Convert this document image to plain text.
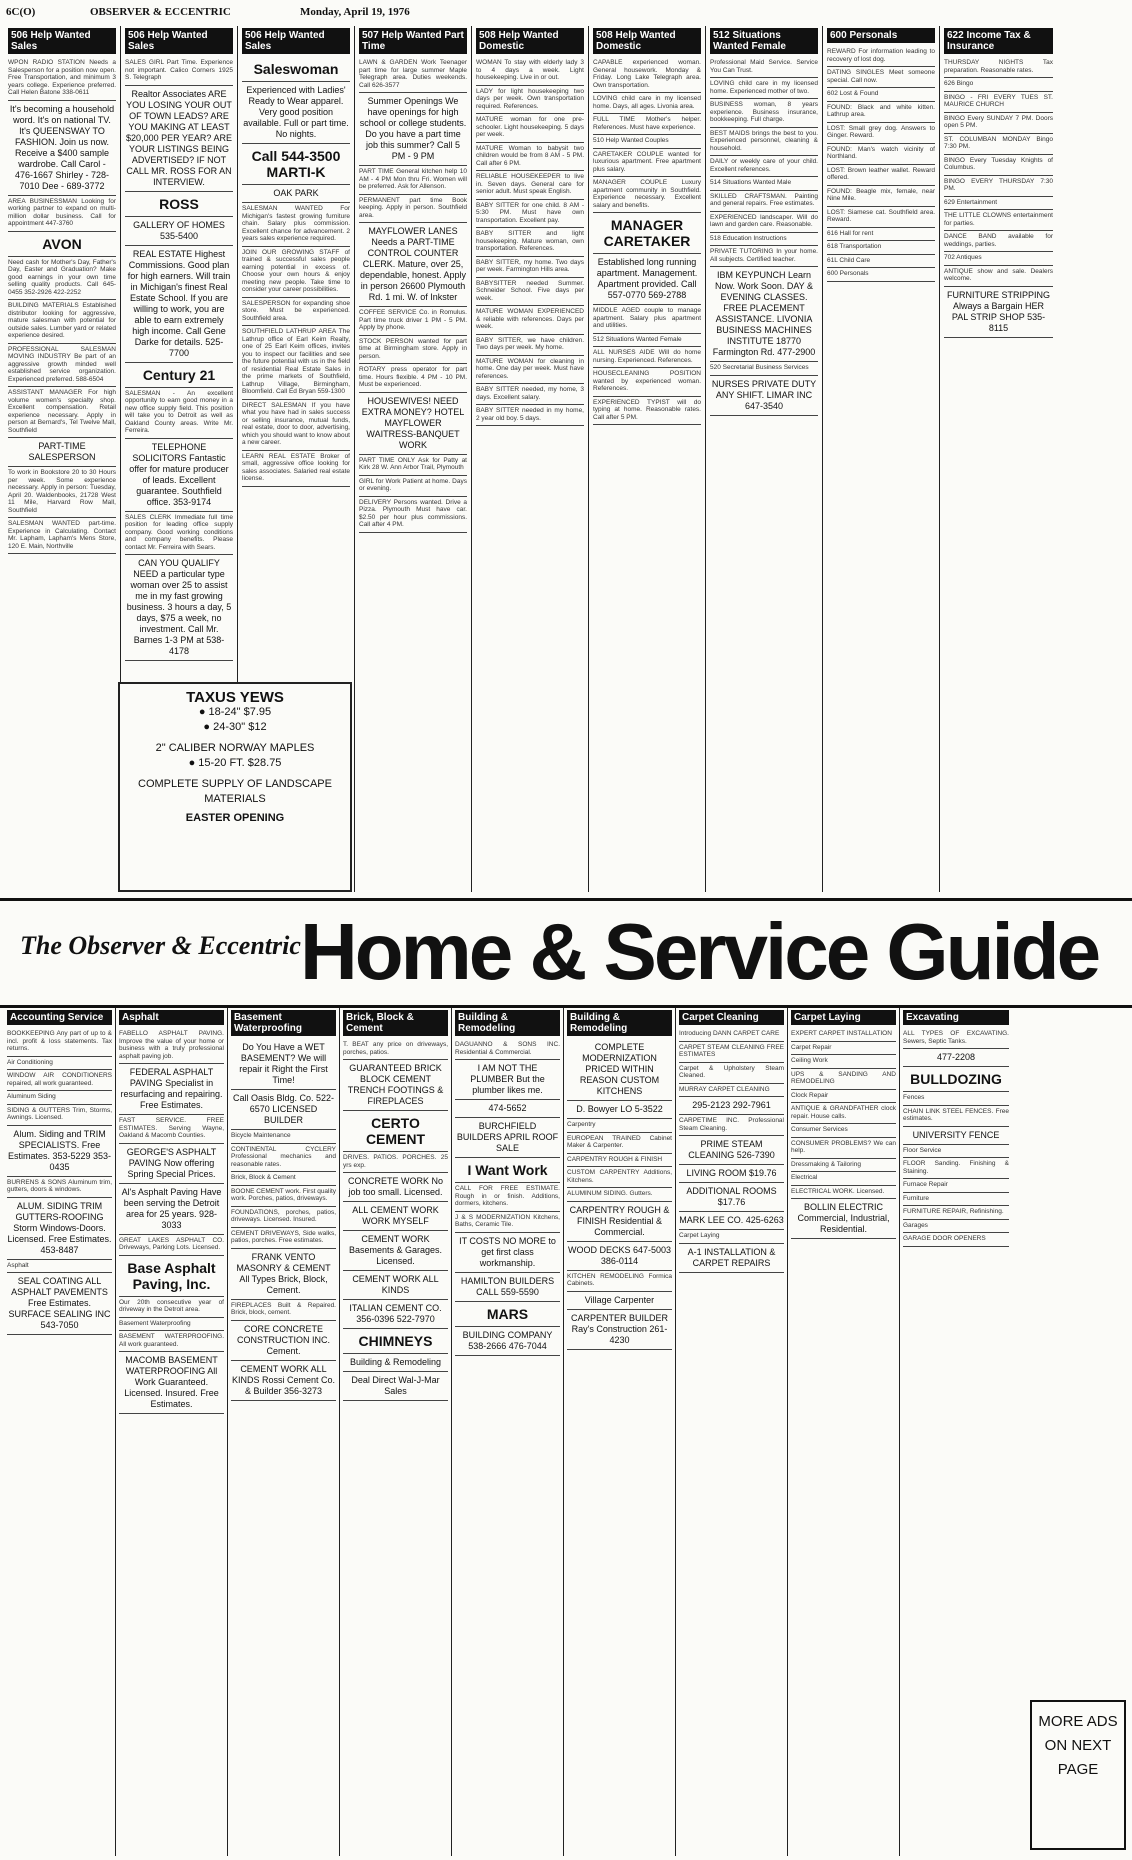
6C(O)	OBSERVER & ECCENTRIC	Monday, April 19, 1976
506 Help Wanted Sales
WPON RADIO STATION Needs a Salesperson for a position now open. Free Transportation, and minimum 3 years college. Experience preferred. Call Helen Batone 338-0611
It's becoming a household word. It's on national TV. It's QUEENSWAY TO FASHION. Join us now. Receive a $400 sample wardrobe. Call Carol - 476-1667 Shirley - 728-7010 Dee - 689-3772
AREA BUSINESSMAN Looking for working partner to expand on multi-million dollar business. Call for appointment 447-3760
AVON
Need cash for Mother's Day, Father's Day, Easter and Graduation? Make good earnings in your own time selling quality products. Call 645-0455 352-2926 422-2252
BUILDING MATERIALS Established distributor looking for aggressive, mature salesman with potential for outside sales. Lumber yard or related experience desired.
PROFESSIONAL SALESMAN MOVING INDUSTRY Be part of an aggressive growth minded well established service organization. Experienced preferred. 588-6504
ASSISTANT MANAGER For high volume women's specialty shop. Excellent compensation. Retail experience necessary. Apply in person at Bernard's, Tel Twelve Mall, Southfield
PART-TIME SALESPERSON
To work in Bookstore 20 to 30 Hours per week. Some experience necessary. Apply in person: Tuesday, April 20. Waldenbooks, 21728 West 11 Mile, Harvard Row Mall, Southfield
SALESMAN WANTED part-time. Experience in Calculating. Contact Mr. Lapham, Lapham's Mens Store, 120 E. Main, Northville
506 Help Wanted Sales
SALES GIRL Part Time. Experience not important. Calico Corners 1925 S. Telegraph
Realtor Associates ARE YOU LOSING YOUR OUT OF TOWN LEADS? ARE YOU MAKING AT LEAST $20,000 PER YEAR? ARE YOUR LISTINGS BEING ADVERTISED? IF NOT CALL MR. ROSS FOR AN INTERVIEW.
ROSS
GALLERY OF HOMES 535-5400
REAL ESTATE Highest Commissions. Good plan for high earners. Will train in Michigan's finest Real Estate School. If you are willing to work, you are able to earn extremely high income. Call Gene Darke for details. 525-7700
Century 21
SALESMAN - An excellent opportunity to earn good money in a new office supply field. This position will take you to Detroit as well as Oakland County areas. Write Mr. Ferreira.
TELEPHONE SOLICITORS Fantastic offer for mature producer of leads. Excellent guarantee. Southfield office. 353-9174
SALES CLERK Immediate full time position for leading office supply company. Good working conditions and company benefits. Please contact Mr. Ferreira with Sears.
CAN YOU QUALIFY NEED a particular type woman over 25 to assist me in my fast growing business. 3 hours a day, 5 days, $75 a week, no investment. Call Mr. Barnes 1-3 PM at 538-4178
506 Help Wanted Sales
Saleswoman
Experienced with Ladies' Ready to Wear apparel. Very good position available. Full or part time. No nights.
Call 544-3500 MARTI-K
OAK PARK
SALESMAN WANTED For Michigan's fastest growing furniture chain. Salary plus commission. Excellent chance for advancement. 2 years sales experience required.
JOIN OUR GROWING STAFF of trained & successful sales people earning potential in excess of. Choose your own hours & enjoy meeting new people. Take time to consider your career possibilities.
SALESPERSON for expanding shoe store. Must be experienced. Southfield area.
SOUTHFIELD LATHRUP AREA The Lathrup office of Earl Keim Realty, one of 25 Earl Keim offices, invites you to inspect our facilities and see the future potential with us in the field of residential Real Estate Sales in the prime markets of Southfield, Lathrup Village, Birmingham, Bloomfield. Call Ed Bryan 559-1300
DIRECT SALESMAN If you have what you have had in sales success or selling insurance, mutual funds, real estate, door to door, advertising, which you should want to know about a new career.
LEARN REAL ESTATE Broker of small, aggressive office looking for sales associates. Salaried real estate license.
507 Help Wanted Part Time
LAWN & GARDEN Work Teenager part time for large summer Maple Telegraph area. Duties weekends. Call 626-3577
Summer Openings We have openings for high school or college students. Do you have a part time job this summer? Call 5 PM - 9 PM
PART TIME General kitchen help 10 AM - 4 PM Mon thru Fri. Women will be preferred. Ask for Allenson.
PERMANENT part time Book keeping. Apply in person. Southfield area.
MAYFLOWER LANES Needs a PART-TIME CONTROL COUNTER CLERK. Mature, over 25, dependable, honest. Apply in person 26600 Plymouth Rd. 1 mi. W. of Inkster
COFFEE SERVICE Co. in Romulus. Part time truck driver 1 PM - 5 PM. Apply by phone.
STOCK PERSON wanted for part time at Birmingham store. Apply in person.
ROTARY press operator for part time. Hours flexible. 4 PM - 10 PM. Must be experienced.
HOUSEWIVES! NEED EXTRA MONEY? HOTEL MAYFLOWER WAITRESS-BANQUET WORK
PART TIME ONLY Ask for Patty at Kirk 28 W. Ann Arbor Trail, Plymouth
GIRL for Work Patient at home. Days or evening.
DELIVERY Persons wanted. Drive a Pizza. Plymouth Must have car. $2.50 per hour plus commissions. Call after 4 PM.
508 Help Wanted Domestic
WOMAN To stay with elderly lady 3 to 4 days a week. Light housekeeping. Live in or out.
LADY for light housekeeping two days per week. Own transportation required. References.
MATURE woman for one pre-schooler. Light housekeeping. 5 days per week.
MATURE Woman to babysit two children would be from 8 AM - 5 PM. Call after 6 PM.
RELIABLE HOUSEKEEPER to live in. Seven days. General care for senior adult. Must speak English.
BABY SITTER for one child. 8 AM - 5:30 PM. Must have own transportation. Excellent pay.
BABY SITTER and light housekeeping. Mature woman, own transportation. References.
BABY SITTER, my home. Two days per week. Farmington Hills area.
BABYSITTER needed Summer. Schneider School. Five days per week.
MATURE WOMAN EXPERIENCED & reliable with references. Days per week.
BABY SITTER, we have children. Two days per week. My home.
MATURE WOMAN for cleaning in home. One day per week. Must have references.
BABY SITTER needed, my home, 3 days. Excellent salary.
BABY SITTER needed in my home, 2 year old boy. 5 days.
508 Help Wanted Domestic
CAPABLE experienced woman. General housework. Monday & Friday. Long Lake Telegraph area. Own transportation.
LOVING child care in my licensed home. Days, all ages. Livonia area.
FULL TIME Mother's helper. References. Must have experience.
510 Help Wanted Couples
CARETAKER COUPLE wanted for luxurious apartment. Free apartment plus salary.
MANAGER COUPLE Luxury apartment community in Southfield. Experience necessary. Excellent salary and benefits.
MANAGER CARETAKER
Established long running apartment. Management. Apartment provided. Call 557-0770 569-2788
MIDDLE AGED couple to manage apartment. Salary plus apartment and utilities.
512 Situations Wanted Female
ALL NURSES AIDE Will do home nursing. Experienced. References.
HOUSECLEANING POSITION wanted by experienced woman. References.
EXPERIENCED TYPIST will do typing at home. Reasonable rates. Call after 5 PM.
512 Situations Wanted Female
Professional Maid Service. Service You Can Trust.
LOVING child care in my licensed home. Experienced mother of two.
BUSINESS woman, 8 years experience. Business insurance, bookkeeping. Full charge.
BEST MAIDS brings the best to you. Experienced personnel, cleaning & household.
DAILY or weekly care of your child. Excellent references.
514 Situations Wanted Male
SKILLED CRAFTSMAN. Painting and general repairs. Free estimates.
EXPERIENCED landscaper. Will do lawn and garden care. Reasonable.
518 Education Instructions
PRIVATE TUTORING In your home. All subjects. Certified teacher.
IBM KEYPUNCH Learn Now. Work Soon. DAY & EVENING CLASSES. FREE PLACEMENT ASSISTANCE. LIVONIA BUSINESS MACHINES INSTITUTE 18770 Farmington Rd. 477-2900
520 Secretarial Business Services
NURSES PRIVATE DUTY ANY SHIFT. LIMAR INC 647-3540
600 Personals
REWARD For information leading to recovery of lost dog.
DATING SINGLES Meet someone special. Call now.
602 Lost & Found
FOUND: Black and white kitten. Lathrup area.
LOST: Small grey dog. Answers to Ginger. Reward.
FOUND: Man's watch vicinity of Northland.
LOST: Brown leather wallet. Reward offered.
FOUND: Beagle mix, female, near Nine Mile.
LOST: Siamese cat. Southfield area. Reward.
616 Hall for rent
618 Transportation
61L Child Care
600 Personals
622 Income Tax & Insurance
THURSDAY NIGHTS Tax preparation. Reasonable rates.
626 Bingo
BINGO - FRI EVERY TUES ST. MAURICE CHURCH
BINGO Every SUNDAY 7 PM. Doors open 5 PM.
ST. COLUMBAN MONDAY Bingo 7:30 PM.
BINGO Every Tuesday Knights of Columbus.
BINGO EVERY THURSDAY 7:30 PM.
629 Entertainment
THE LITTLE CLOWNS entertainment for parties.
DANCE BAND available for weddings, parties.
702 Antiques
ANTIQUE show and sale. Dealers welcome.
FURNITURE STRIPPING Always a Bargain HER PAL STRIP SHOP 535-8115
TAXUS YEWS
● 18-24" $7.95
● 24-30" $12
2" CALIBER NORWAY MAPLES
● 15-20 FT. $28.75
COMPLETE SUPPLY OF LANDSCAPE MATERIALS
EASTER OPENING
The Observer & Eccentric Home & Service Guide
Accounting Service
BOOKKEEPING Any part of up to & incl. profit & loss statements. Tax returns.
Air Conditioning
WINDOW AIR CONDITIONERS repaired, all work guaranteed.
Aluminum Siding
SIDING & GUTTERS Trim, Storms, Awnings. Licensed.
Alum. Siding and TRIM SPECIALISTS. Free Estimates. 353-5229 353-0435
BURRENS & SONS Aluminum trim, gutters, doors & windows.
ALUM. SIDING TRIM GUTTERS-ROOFING Storm Windows-Doors. Licensed. Free Estimates. 453-8487
Asphalt
SEAL COATING ALL ASPHALT PAVEMENTS Free Estimates. SURFACE SEALING INC 543-7050
Asphalt
FABELLO ASPHALT PAVING. Improve the value of your home or business with a truly professional asphalt paving job.
FEDERAL ASPHALT PAVING Specialist in resurfacing and repairing. Free Estimates.
FAST SERVICE. FREE ESTIMATES. Serving Wayne, Oakland & Macomb Counties.
GEORGE'S ASPHALT PAVING Now offering Spring Special Prices.
Al's Asphalt Paving Have been serving the Detroit area for 25 years. 928-3033
GREAT LAKES ASPHALT CO. Driveways, Parking Lots. Licensed.
Base Asphalt Paving, Inc.
Our 20th consecutive year of driveway in the Detroit area.
Basement Waterproofing
BASEMENT WATERPROOFING. All work guaranteed.
MACOMB BASEMENT WATERPROOFING All Work Guaranteed. Licensed. Insured. Free Estimates.
Basement Waterproofing
Do You Have a WET BASEMENT? We will repair it Right the First Time!
Call Oasis Bldg. Co. 522-6570 LICENSED BUILDER
Bicycle Maintenance
CONTINENTAL CYCLERY Professional mechanics and reasonable rates.
Brick, Block & Cement
BOONE CEMENT work. First quality work. Porches, patios, driveways.
FOUNDATIONS, porches, patios, driveways. Licensed. Insured.
CEMENT DRIVEWAYS, Side walks, patios, porches. Free estimates.
FRANK VENTO MASONRY & CEMENT All Types Brick, Block, Cement.
FIREPLACES Built & Repaired. Brick, block, cement.
CORE CONCRETE CONSTRUCTION INC. Cement.
CEMENT WORK ALL KINDS Rossi Cement Co. & Builder 356-3273
Brick, Block & Cement
T. BEAT any price on driveways, porches, patios.
GUARANTEED BRICK BLOCK CEMENT TRENCH FOOTINGS & FIREPLACES
CERTO CEMENT
DRIVES. PATIOS. PORCHES. 25 yrs exp.
CONCRETE WORK No job too small. Licensed.
ALL CEMENT WORK WORK MYSELF
CEMENT WORK Basements & Garages. Licensed.
CEMENT WORK ALL KINDS
ITALIAN CEMENT CO. 356-0396 522-7970
CHIMNEYS
Building & Remodeling
Deal Direct Wal-J-Mar Sales
Building & Remodeling
DAGUANNO & SONS INC. Residential & Commercial.
I AM NOT THE PLUMBER But the plumber likes me.
474-5652
BURCHFIELD BUILDERS APRIL ROOF SALE
I Want Work
CALL FOR FREE ESTIMATE. Rough in or finish. Additions, dormers, kitchens.
J & S MODERNIZATION Kitchens, Baths, Ceramic Tile.
IT COSTS NO MORE to get first class workmanship.
HAMILTON BUILDERS CALL 559-5590
MARS
BUILDING COMPANY 538-2666 476-7044
Building & Remodeling
COMPLETE MODERNIZATION PRICED WITHIN REASON CUSTOM KITCHENS
D. Bowyer LO 5-3522
Carpentry
EUROPEAN TRAINED Cabinet Maker & Carpenter.
CARPENTRY ROUGH & FINISH
CUSTOM CARPENTRY Additions, Kitchens.
ALUMINUM SIDING. Gutters.
CARPENTRY ROUGH & FINISH Residential & Commercial.
WOOD DECKS 647-5003 386-0114
KITCHEN REMODELING Formica Cabinets.
Village Carpenter
CARPENTER BUILDER Ray's Construction 261-4230
Carpet Cleaning
Introducing DANN CARPET CARE
CARPET STEAM CLEANING FREE ESTIMATES
Carpet & Upholstery Steam Cleaned.
MURRAY CARPET CLEANING
295-2123 292-7961
CARPETIME INC. Professional Steam Cleaning.
PRIME STEAM CLEANING 526-7390
LIVING ROOM $19.76
ADDITIONAL ROOMS $17.76
MARK LEE CO. 425-6263
Carpet Laying
A-1 INSTALLATION & CARPET REPAIRS
Carpet Laying
EXPERT CARPET INSTALLATION
Carpet Repair
Ceiling Work
UPS & SANDING AND REMODELING
Clock Repair
ANTIQUE & GRANDFATHER clock repair. House calls.
Consumer Services
CONSUMER PROBLEMS? We can help.
Dressmaking & Tailoring
Electrical
ELECTRICAL WORK. Licensed.
BOLLIN ELECTRIC Commercial, Industrial, Residential.
Excavating
ALL TYPES OF EXCAVATING. Sewers, Septic Tanks.
477-2208
BULLDOZING
Fences
CHAIN LINK STEEL FENCES. Free estimates.
UNIVERSITY FENCE
Floor Service
FLOOR Sanding. Finishing & Staining.
Furnace Repair
Furniture
FURNITURE REPAIR, Refinishing.
Garages
GARAGE DOOR OPENERS
MORE ADS ON NEXT PAGE
